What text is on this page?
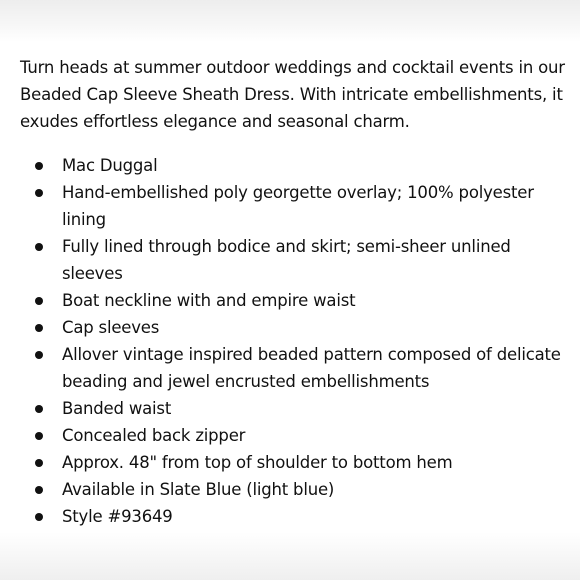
Turn heads at summer outdoor weddings and cocktail events in our Beaded Cap Sleeve Sheath Dress. With intricate embellishments, it exudes effortless elegance and seasonal charm.

Mac Duggal
Hand-embellished poly georgette overlay; 100% polyester lining
Fully lined through bodice and skirt; semi-sheer unlined sleeves
Boat neckline with and empire waist
Cap sleeves
Allover vintage inspired beaded pattern composed of delicate beading and jewel encrusted embellishments
Banded waist
Concealed back zipper
Approx. 48" from top of shoulder to bottom hem
Available in Slate Blue (light blue)
Style #93649
